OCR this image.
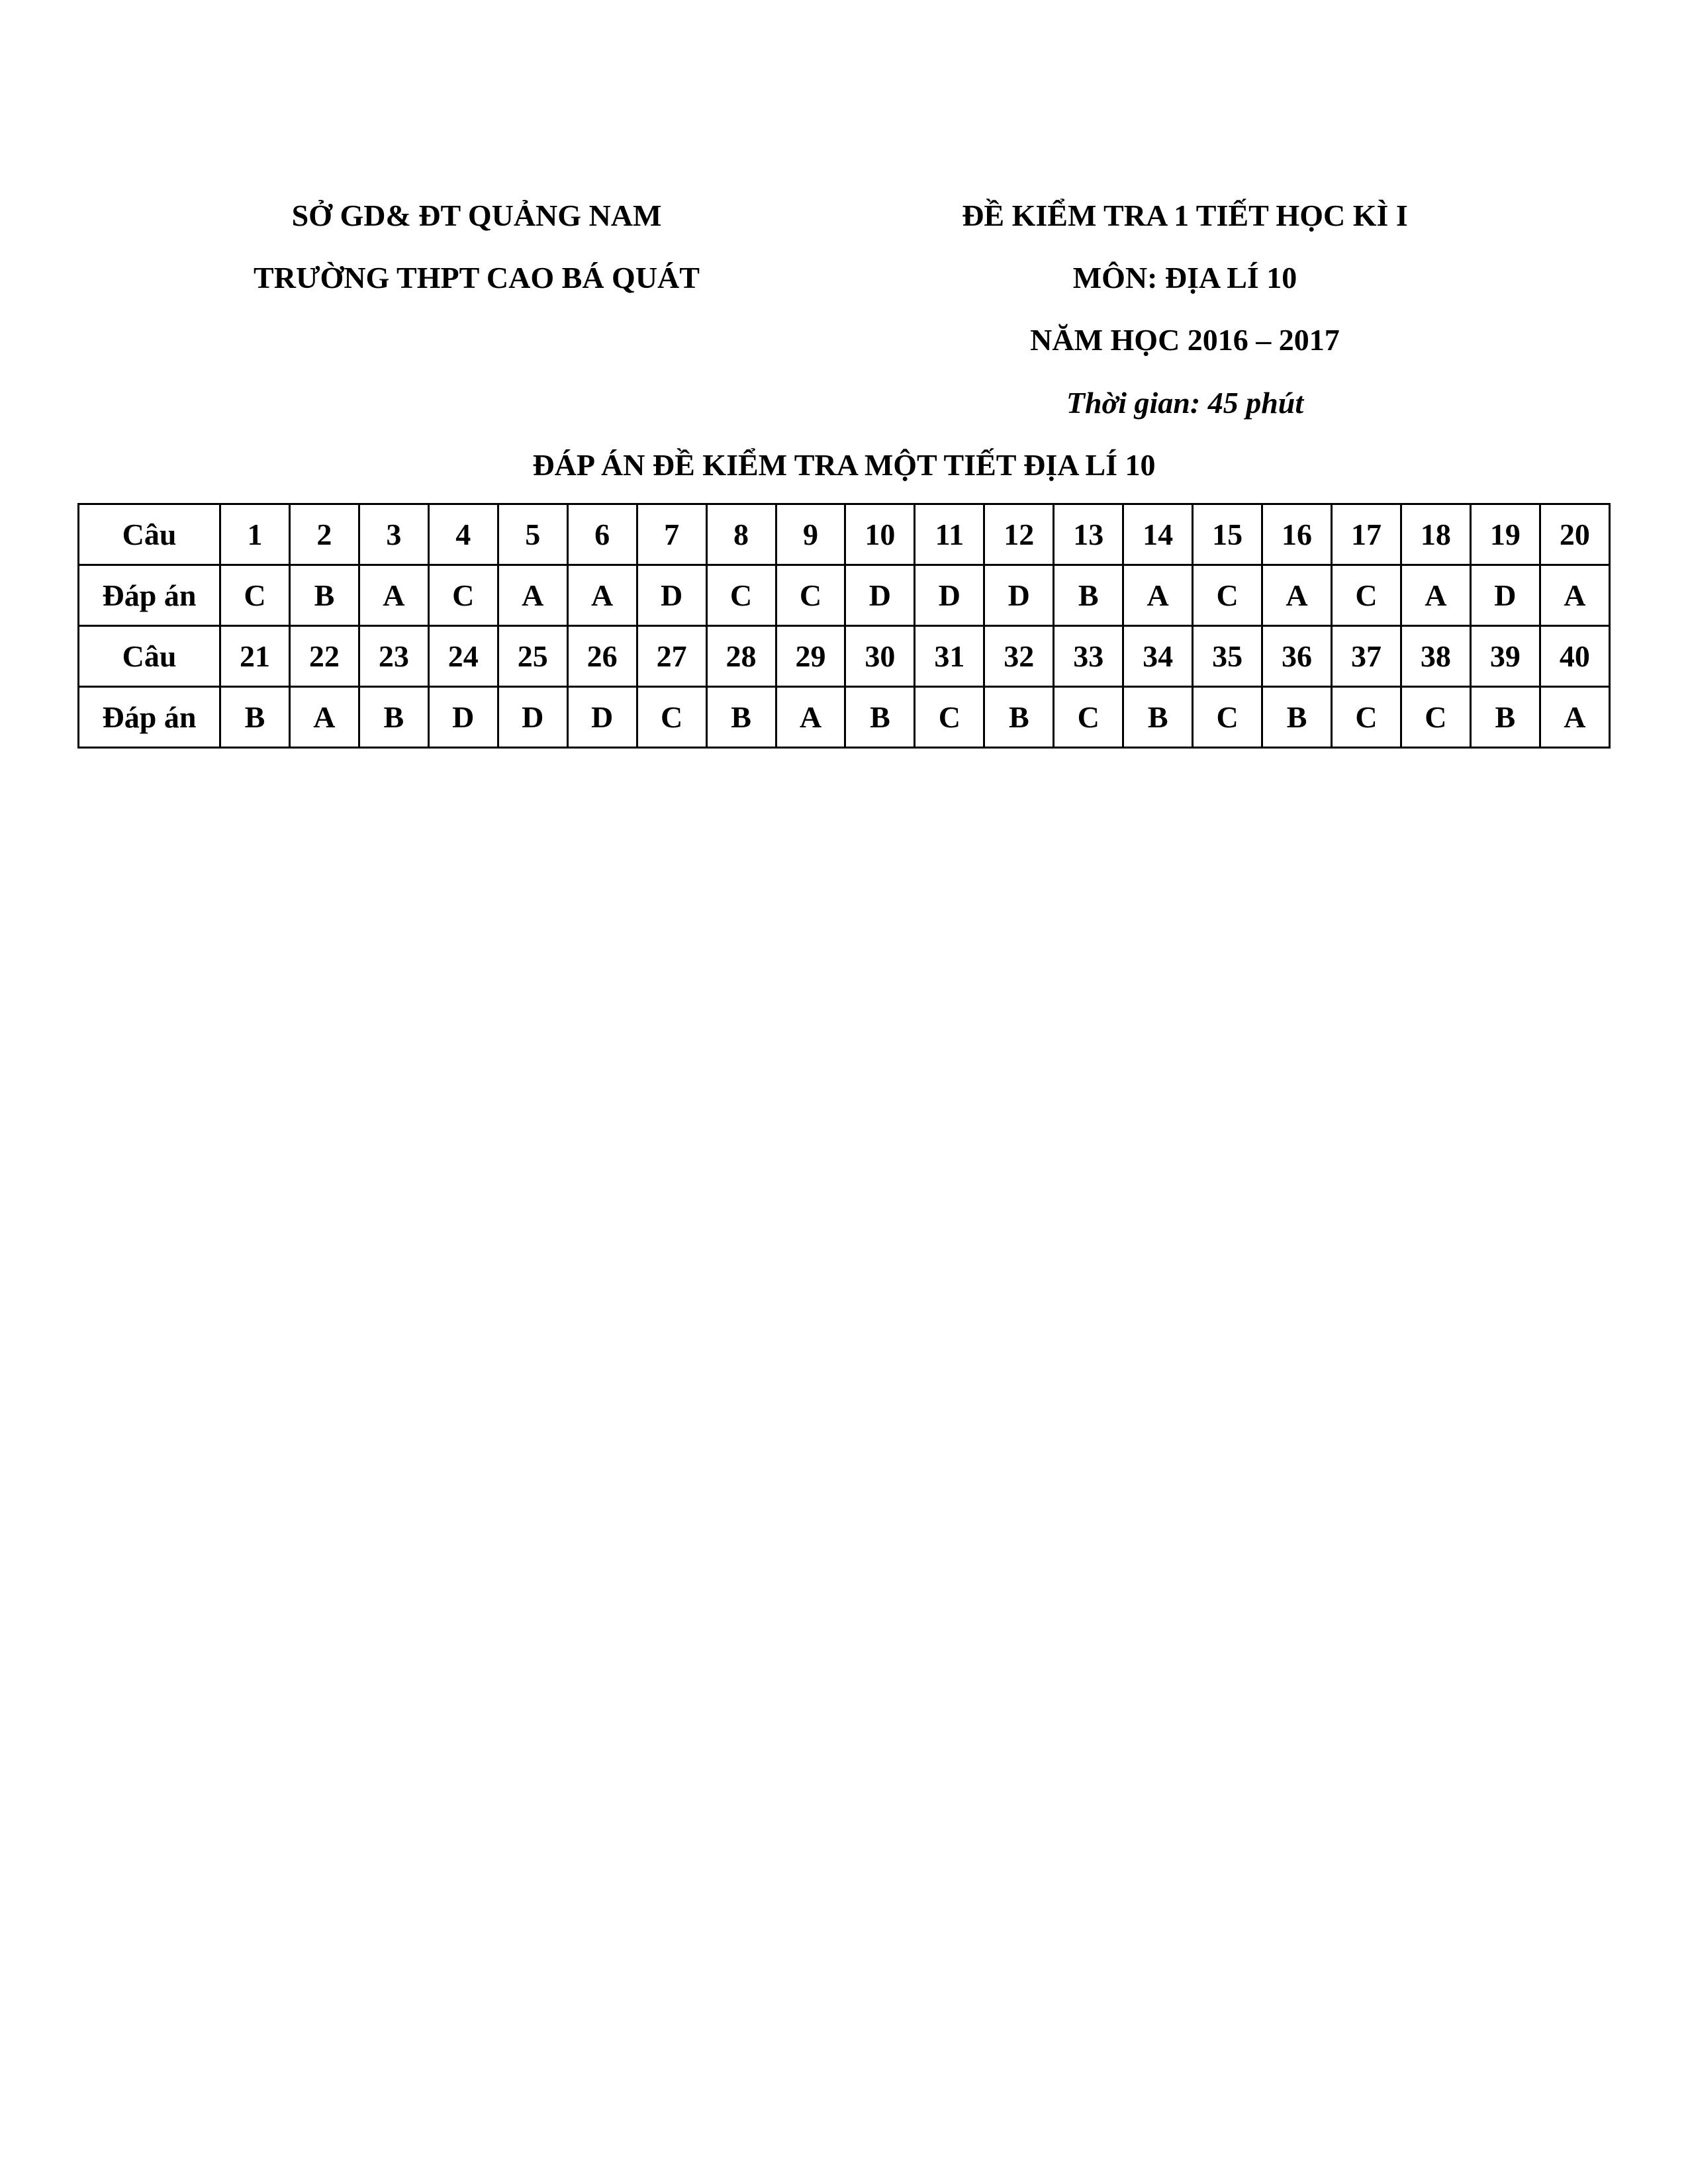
SỞ GD& ĐT QUẢNG NAM
TRƯỜNG THPT CAO BÁ QUÁT
ĐỀ KIỂM TRA 1 TIẾT HỌC KÌ I
MÔN: ĐỊA LÍ 10
NĂM HỌC 2016 – 2017
Thời gian: 45 phút
ĐÁP ÁN ĐỀ KIỂM TRA MỘT TIẾT ĐỊA LÍ 10
Câu	1	2	3	4	5	6	7	8	9	10	11	12	13	14	15	16	17	18	19	20
Đáp án	C	B	A	C	A	A	D	C	C	D	D	D	B	A	C	A	C	A	D	A
Câu	21	22	23	24	25	26	27	28	29	30	31	32	33	34	35	36	37	38	39	40
Đáp án	B	A	B	D	D	D	C	B	A	B	C	B	C	B	C	B	C	C	B	A
